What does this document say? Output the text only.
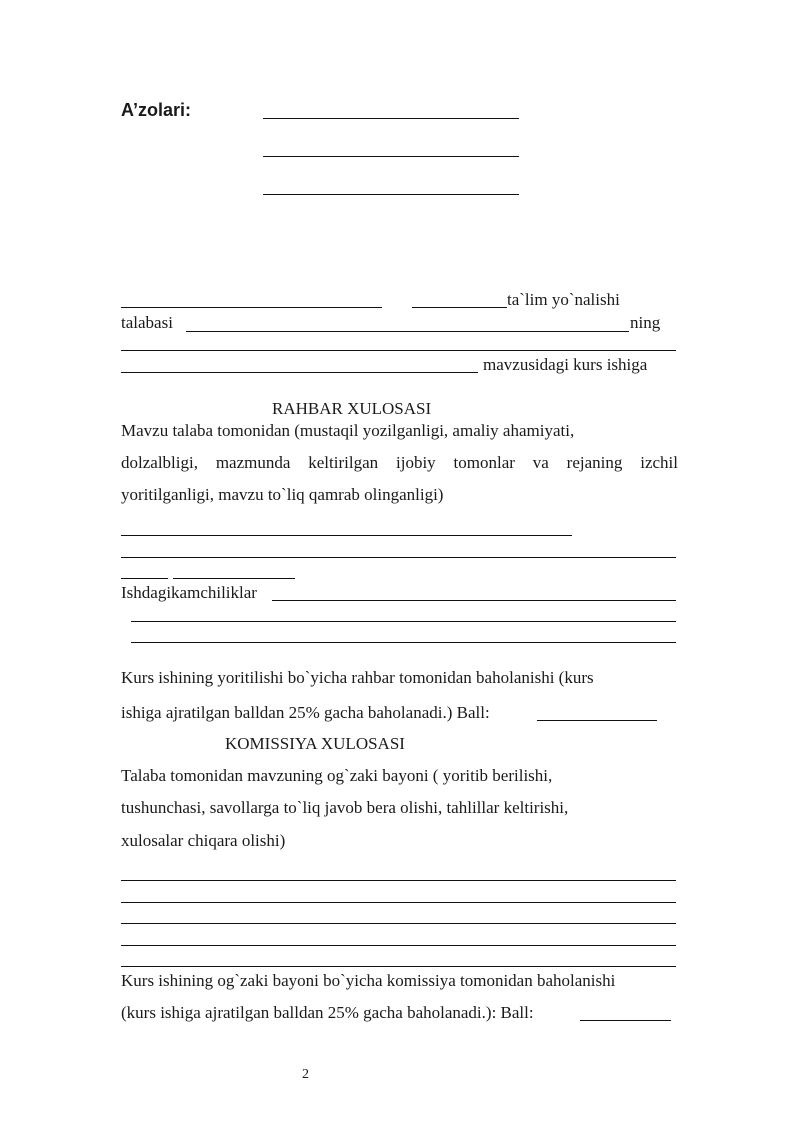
A’zolari:
ta`lim yo`nalishi
talabasi	ning
mavzusidagi kurs ishiga
RAHBAR XULOSASI
Mavzu talaba tomonidan (mustaqil yozilganligi, amaliy ahamiyati,
dolzalbligi, mazmunda keltirilgan ijobiy tomonlar va rejaning izchil
yoritilganligi, mavzu to`liq qamrab olinganligi)
Ishdagikamchiliklar
Kurs ishining yoritilishi bo`yicha rahbar tomonidan baholanishi (kurs
ishiga ajratilgan balldan 25% gacha baholanadi.) Ball:
KOMISSIYA XULOSASI
Talaba tomonidan mavzuning og`zaki bayoni ( yoritib berilishi,
tushunchasi, savollarga to`liq javob bera olishi, tahlillar keltirishi,
xulosalar chiqara olishi)
Kurs ishining og`zaki bayoni bo`yicha komissiya tomonidan baholanishi
(kurs ishiga ajratilgan balldan 25% gacha baholanadi.): Ball:
2
